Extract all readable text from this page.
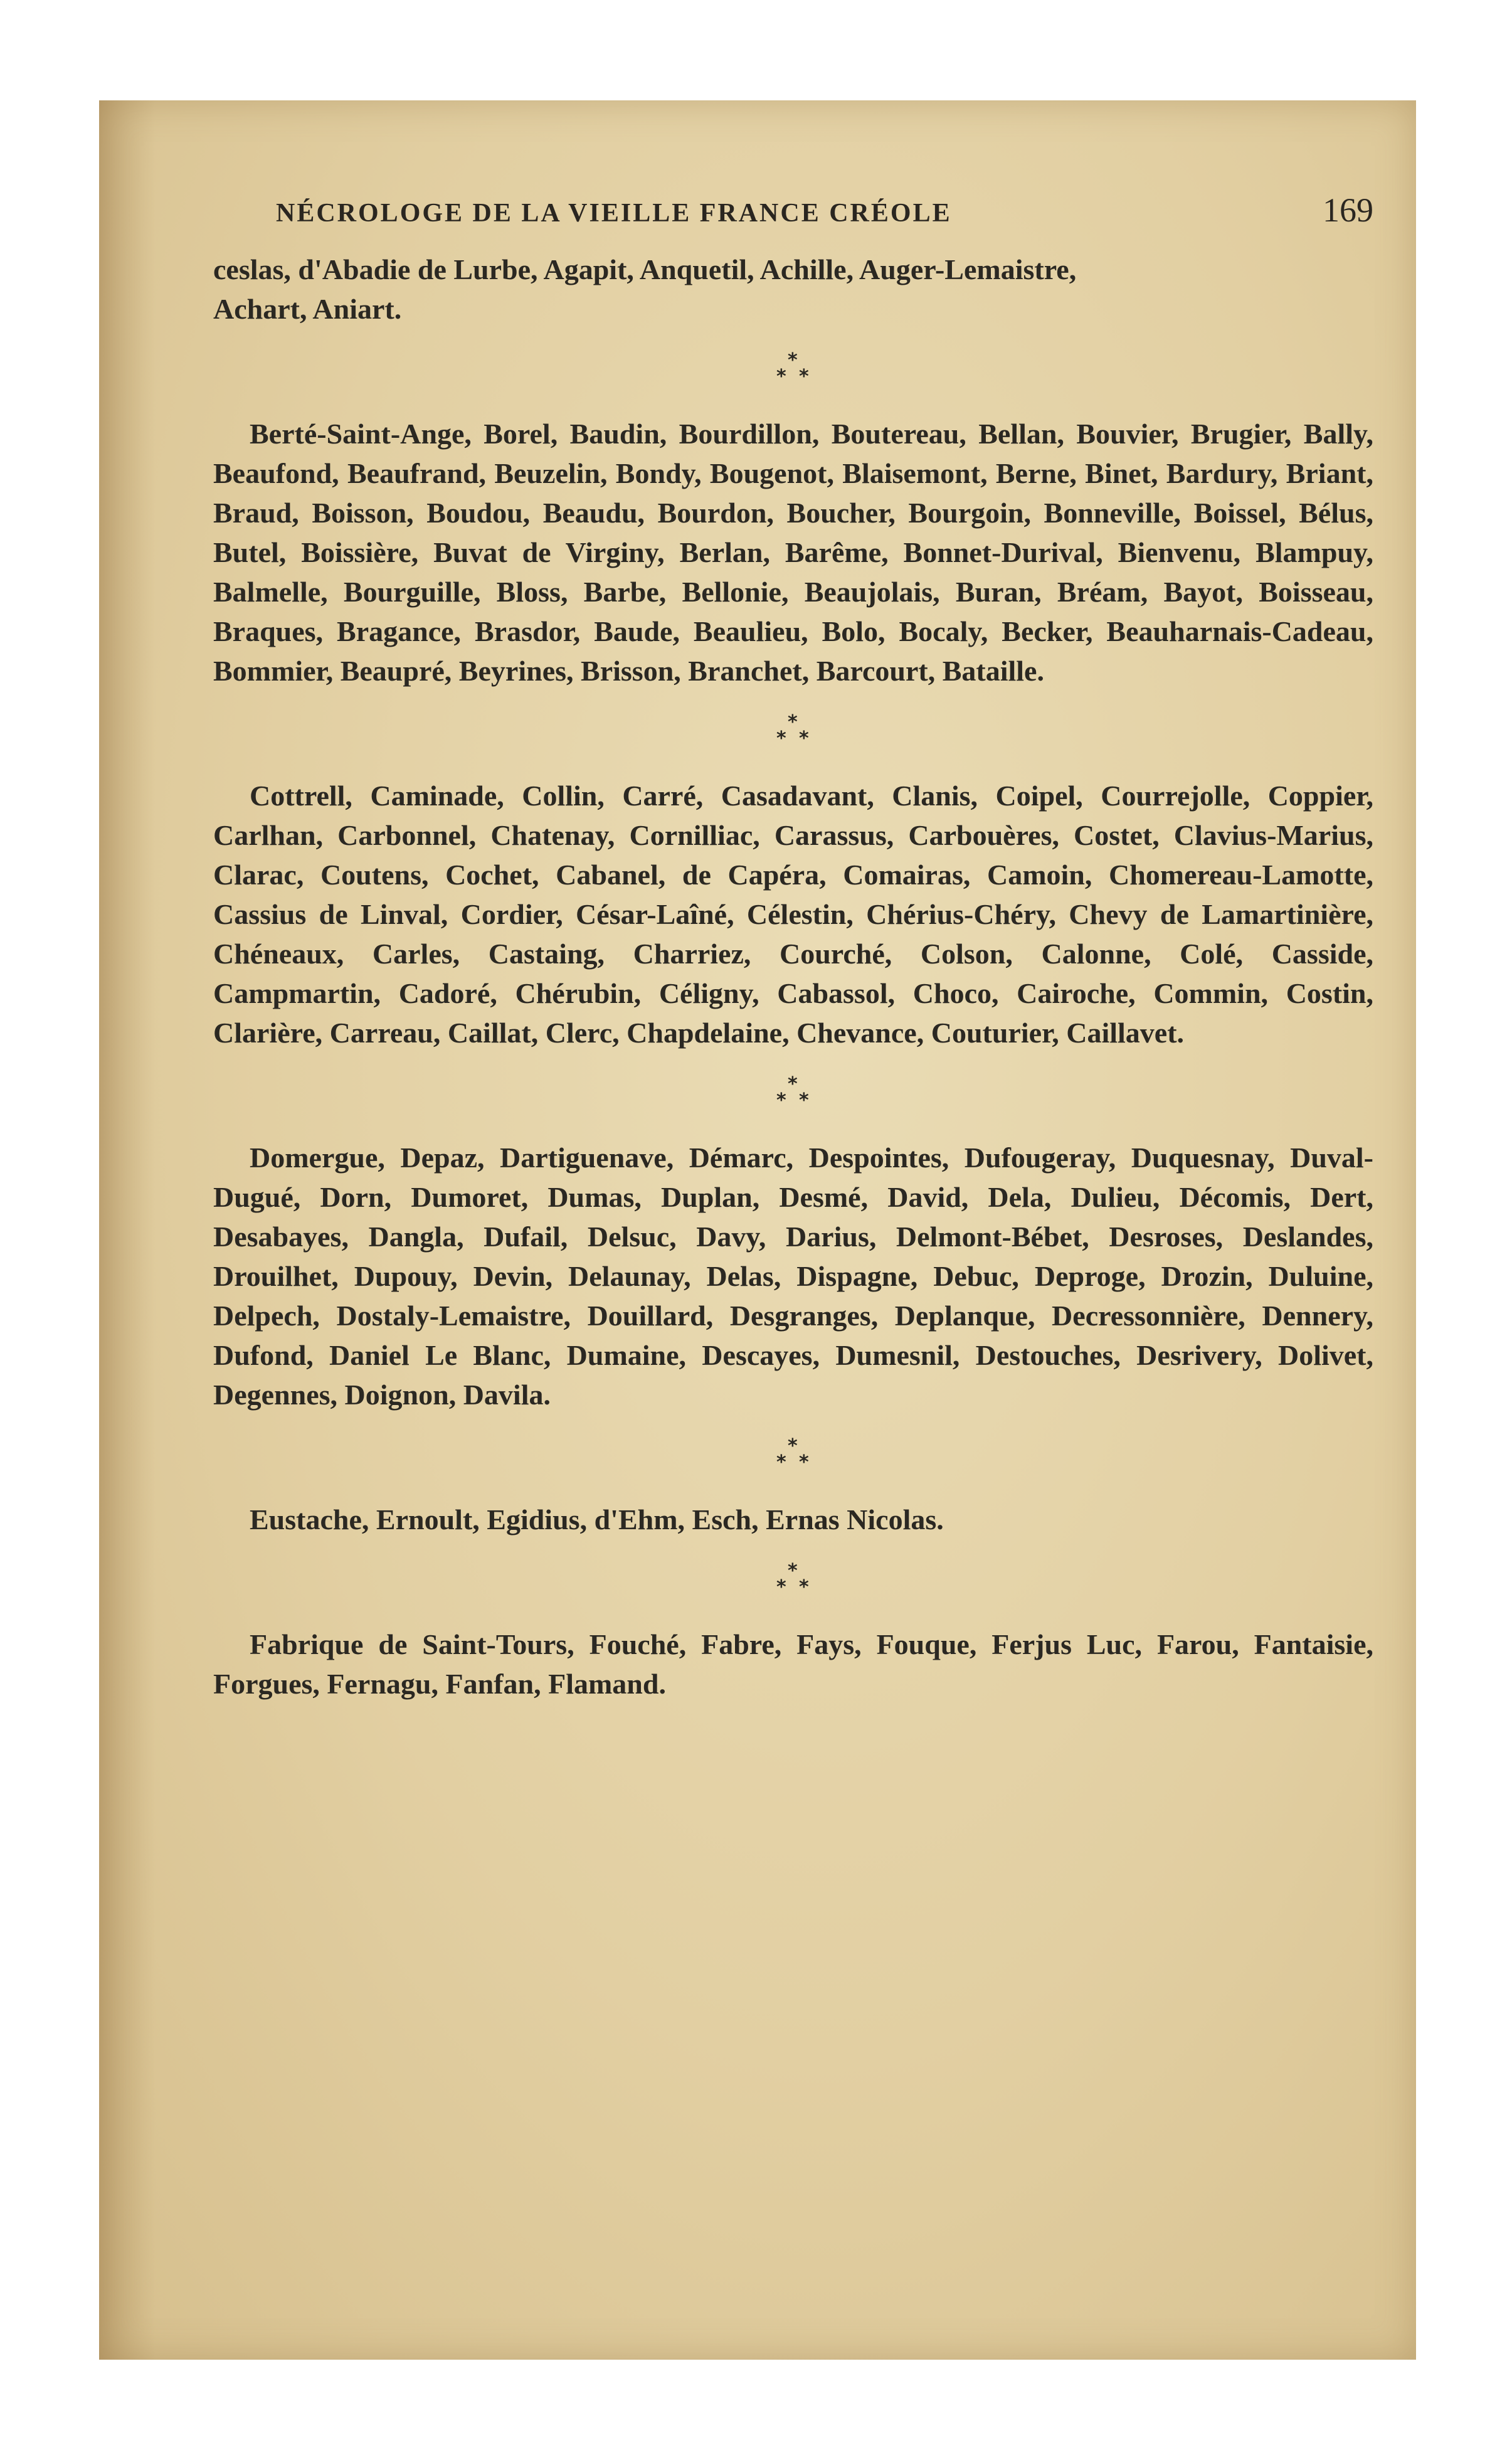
NÉCROLOGE DE LA VIEILLE FRANCE CRÉOLE	169

ceslas, d'Abadie de Lurbe, Agapit, Anquetil, Achille, Auger-Lemaistre,
Achart, Aniart.

*
* *

Berté-Saint-Ange, Borel, Baudin, Bourdillon, Boutereau, Bellan, Bouvier, Brugier, Bally, Beaufond, Beaufrand, Beuzelin, Bondy, Bougenot, Blaisemont, Berne, Binet, Bardury, Briant, Braud, Boisson, Boudou, Beaudu, Bourdon, Boucher, Bourgoin, Bonneville, Boissel, Bélus, Butel, Boissière, Buvat de Virginy, Berlan, Barême, Bonnet-Durival, Bienvenu, Blampuy, Balmelle, Bourguille, Bloss, Barbe, Bellonie, Beaujolais, Buran, Bréam, Bayot, Boisseau, Braques, Bragance, Brasdor, Baude, Beaulieu, Bolo, Bocaly, Becker, Beauharnais-Cadeau, Bommier, Beaupré, Beyrines, Brisson, Branchet, Barcourt, Bataille.

*
* *

Cottrell, Caminade, Collin, Carré, Casadavant, Clanis, Coipel, Courrejolle, Coppier, Carlhan, Carbonnel, Chatenay, Cornilliac, Carassus, Carbouères, Costet, Clavius-Marius, Clarac, Coutens, Cochet, Cabanel, de Capéra, Comairas, Camoin, Chomereau-Lamotte, Cassius de Linval, Cordier, César-Laîné, Célestin, Chérius-Chéry, Chevy de Lamartinière, Chéneaux, Carles, Castaing, Charriez, Courché, Colson, Calonne, Colé, Casside, Campmartin, Cadoré, Chérubin, Céligny, Cabassol, Choco, Cairoche, Commin, Costin, Clarière, Carreau, Caillat, Clerc, Chapdelaine, Chevance, Couturier, Caillavet.

*
* *

Domergue, Depaz, Dartiguenave, Démarc, Despointes, Dufougeray, Duquesnay, Duval-Dugué, Dorn, Dumoret, Dumas, Duplan, Desmé, David, Dela, Dulieu, Décomis, Dert, Desabayes, Dangla, Dufail, Delsuc, Davy, Darius, Delmont-Bébet, Desroses, Deslandes, Drouilhet, Dupouy, Devin, Delaunay, Delas, Dispagne, Debuc, Deproge, Drozin, Duluine, Delpech, Dostaly-Lemaistre, Douillard, Desgranges, Deplanque, Decressonnière, Dennery, Dufond, Daniel Le Blanc, Dumaine, Descayes, Dumesnil, Destouches, Desrivery, Dolivet, Degennes, Doignon, Davila.

*
* *

Eustache, Ernoult, Egidius, d'Ehm, Esch, Ernas Nicolas.

*
* *

Fabrique de Saint-Tours, Fouché, Fabre, Fays, Fouque, Ferjus Luc, Farou, Fantaisie, Forgues, Fernagu, Fanfan, Flamand.
